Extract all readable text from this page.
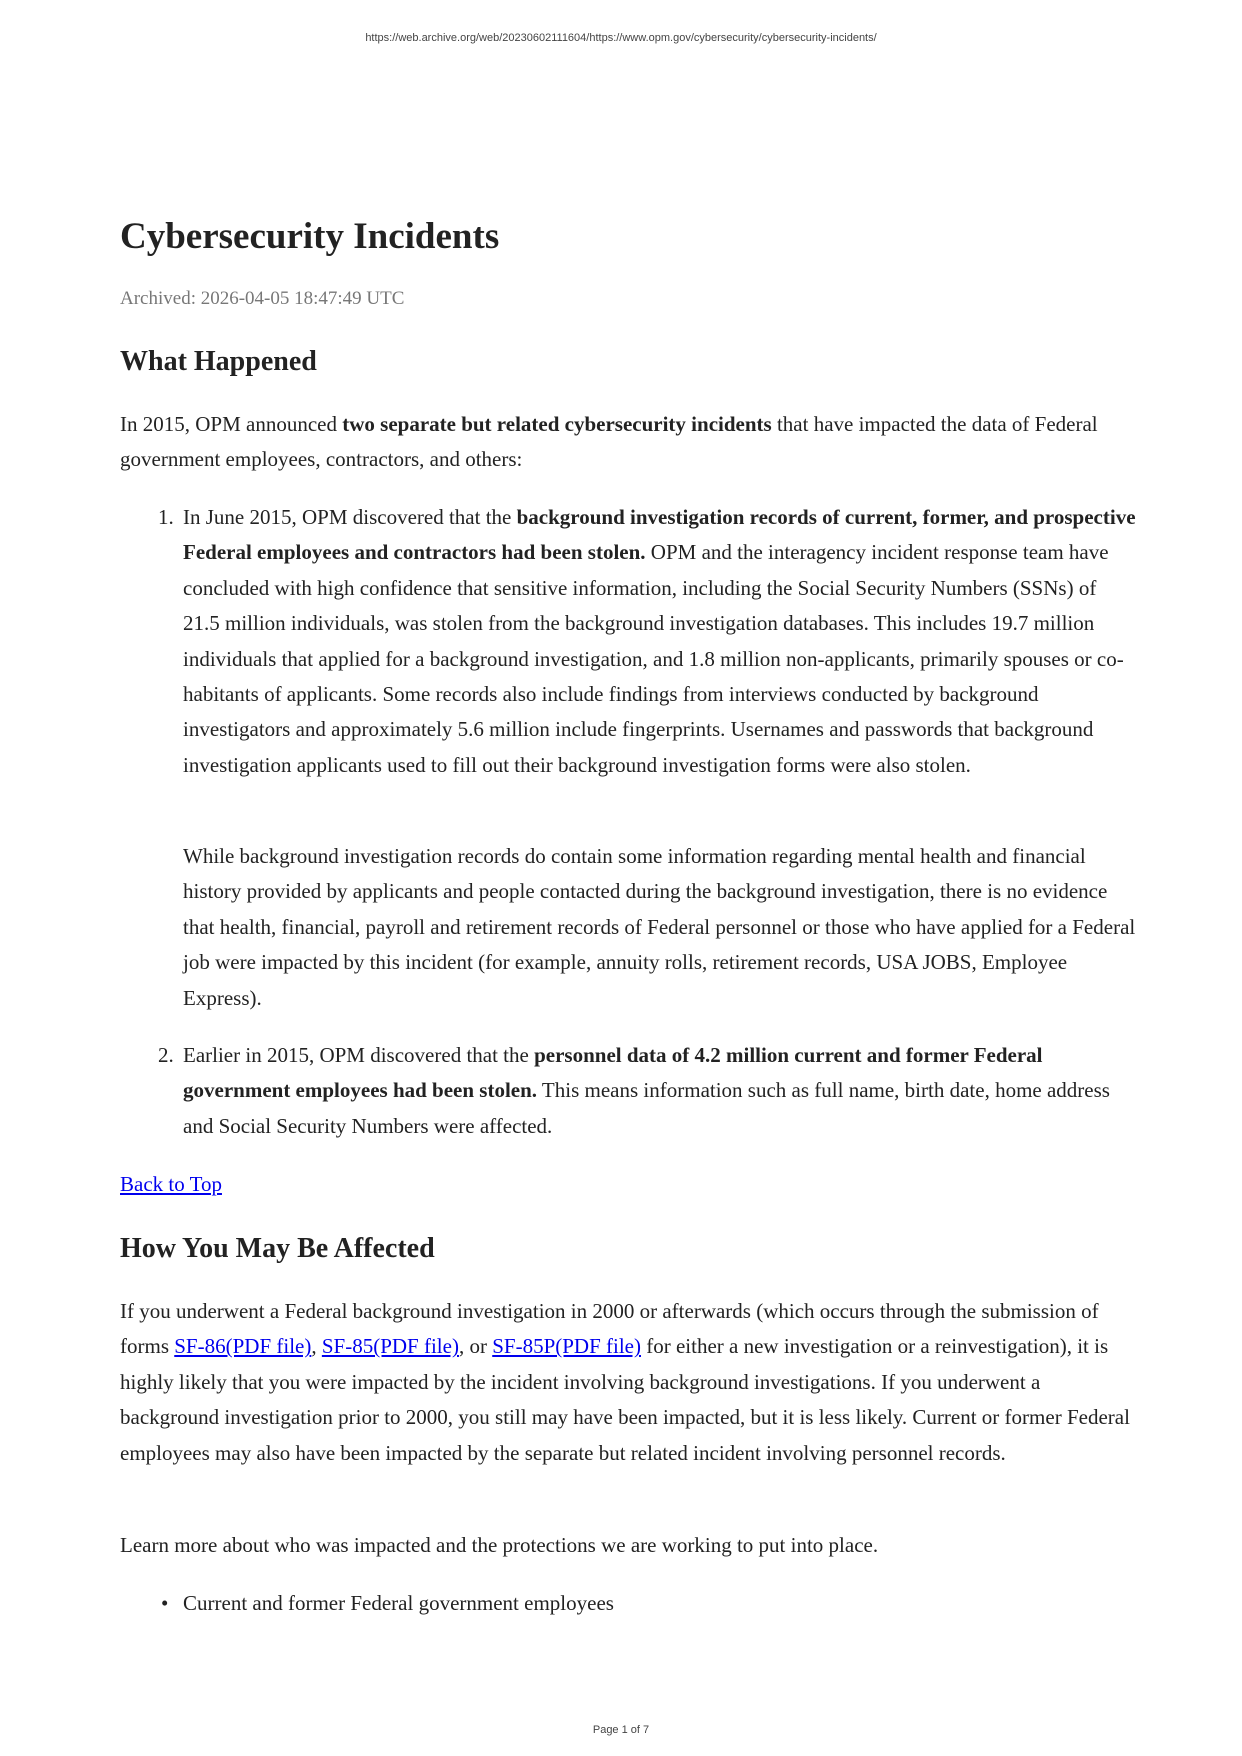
https://web.archive.org/web/20230602111604/https://www.opm.gov/cybersecurity/cybersecurity-incidents/
Cybersecurity Incidents
Archived: 2026-04-05 18:47:49 UTC
What Happened
In 2015, OPM announced two separate but related cybersecurity incidents that have impacted the data of Federal government employees, contractors, and others:
1. In June 2015, OPM discovered that the background investigation records of current, former, and prospective Federal employees and contractors had been stolen. OPM and the interagency incident response team have concluded with high confidence that sensitive information, including the Social Security Numbers (SSNs) of 21.5 million individuals, was stolen from the background investigation databases. This includes 19.7 million individuals that applied for a background investigation, and 1.8 million non-applicants, primarily spouses or co-habitants of applicants. Some records also include findings from interviews conducted by background investigators and approximately 5.6 million include fingerprints. Usernames and passwords that background investigation applicants used to fill out their background investigation forms were also stolen.
While background investigation records do contain some information regarding mental health and financial history provided by applicants and people contacted during the background investigation, there is no evidence that health, financial, payroll and retirement records of Federal personnel or those who have applied for a Federal job were impacted by this incident (for example, annuity rolls, retirement records, USA JOBS, Employee Express).
2. Earlier in 2015, OPM discovered that the personnel data of 4.2 million current and former Federal government employees had been stolen. This means information such as full name, birth date, home address and Social Security Numbers were affected.
Back to Top
How You May Be Affected
If you underwent a Federal background investigation in 2000 or afterwards (which occurs through the submission of forms SF-86(PDF file), SF-85(PDF file), or SF-85P(PDF file) for either a new investigation or a reinvestigation), it is highly likely that you were impacted by the incident involving background investigations. If you underwent a background investigation prior to 2000, you still may have been impacted, but it is less likely. Current or former Federal employees may also have been impacted by the separate but related incident involving personnel records.
Learn more about who was impacted and the protections we are working to put into place.
• Current and former Federal government employees
Page 1 of 7
